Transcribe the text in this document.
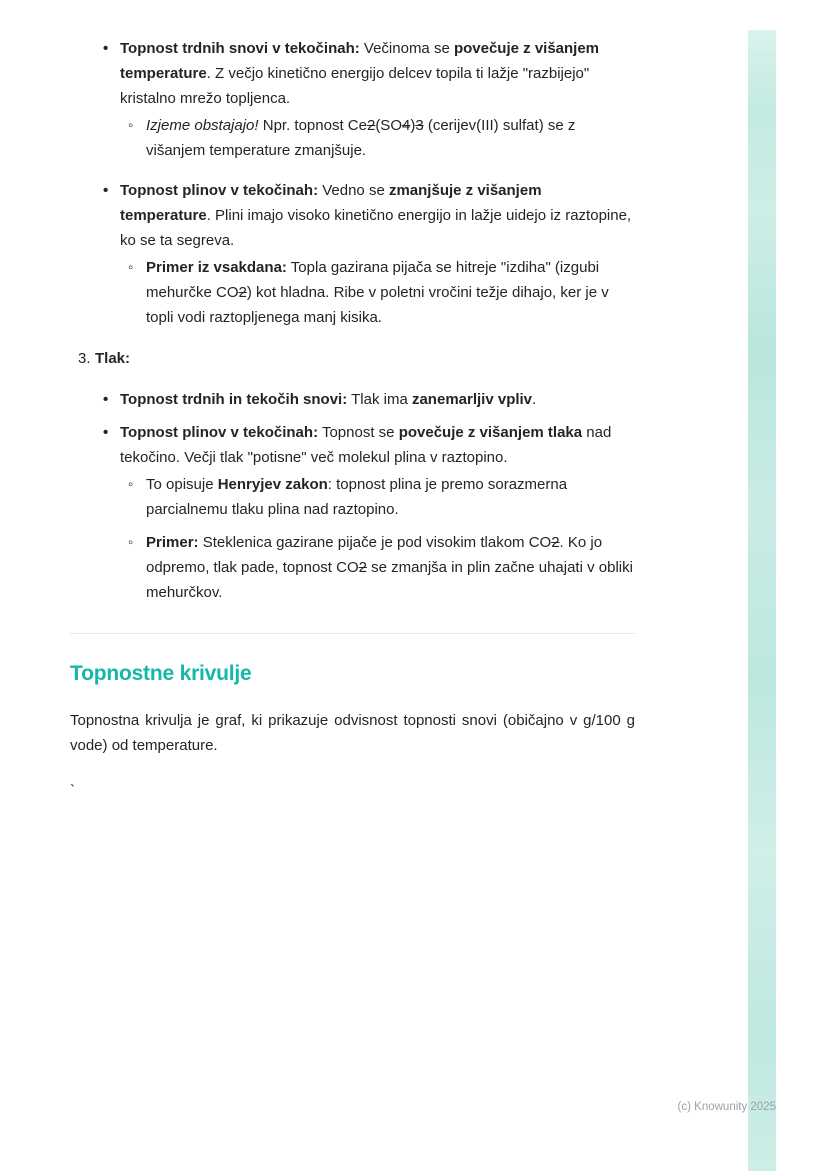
• Topnost trdnih snovi v tekočinah: Večinoma se povečuje z višanjem temperature. Z večjo kinetično energijo delcev topila ti lažje "razbijejo" kristalno mrežo topljenca.
◦ Izjeme obstajajo! Npr. topnost Ce2(SO4)3 (cerijev(III) sulfat) se z višanjem temperature zmanjšuje.
• Topnost plinov v tekočinah: Vedno se zmanjšuje z višanjem temperature. Plini imajo visoko kinetično energijo in lažje uidejo iz raztopine, ko se ta segreva.
◦ Primer iz vsakdana: Topla gazirana pijača se hitreje "izdiha" (izgubi mehurčke CO2) kot hladna. Ribe v poletni vročini težje dihajo, ker je v topli vodi raztopljenega manj kisika.
3. Tlak:
• Topnost trdnih in tekočih snovi: Tlak ima zanemarljiv vpliv.
• Topnost plinov v tekočinah: Topnost se povečuje z višanjem tlaka nad tekočino. Večji tlak "potisne" več molekul plina v raztopino.
◦ To opisuje Henryjev zakon: topnost plina je premo sorazmerna parcialnemu tlaku plina nad raztopino.
◦ Primer: Steklenica gazirane pijače je pod visokim tlakom CO2. Ko jo odpremo, tlak pade, topnost CO2 se zmanjša in plin začne uhajati v obliki mehurčkov.
Topnostne krivulje

Topnostna krivulja je graf, ki prikazuje odvisnost topnosti snovi (običajno v g/100 g vode) od temperature.

`
(c) Knowunity 2025
